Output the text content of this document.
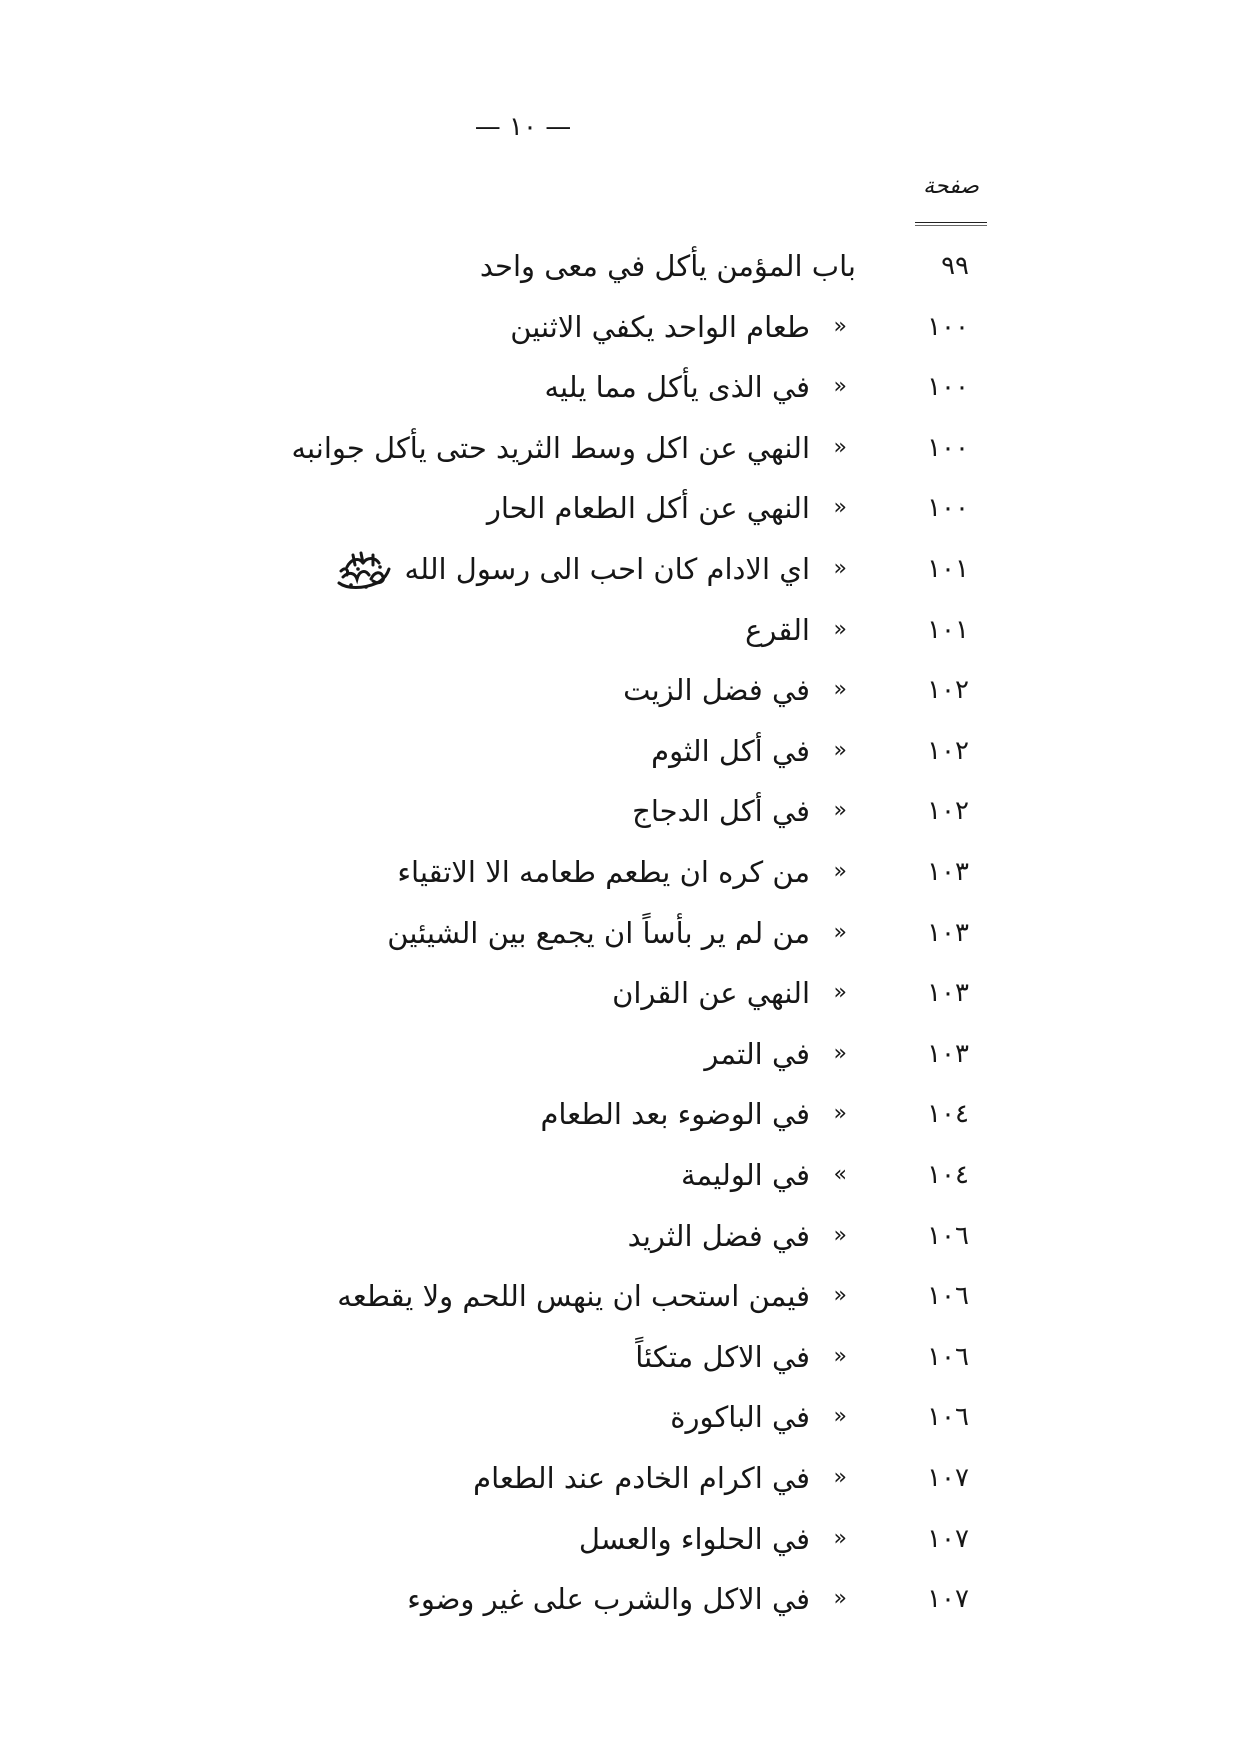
— ١٠ —
صفحة
٩٩
باب المؤمن يأكل في معى واحد
١٠٠
»
طعام الواحد يكفي الاثنين
١٠٠
»
في الذى يأكل مما يليه
١٠٠
»
النهي عن اكل وسط الثريد حتى يأكل جوانبه
١٠٠
»
النهي عن أكل الطعام الحار
١٠١
»
اي الادام كان احب الى رسول الله
١٠١
»
القرع
١٠٢
»
في فضل الزيت
١٠٢
»
في أكل الثوم
١٠٢
»
في أكل الدجاج
١٠٣
»
من كره ان يطعم طعامه الا الاتقياء
١٠٣
»
من لم ير بأساً ان يجمع بين الشيئين
١٠٣
»
النهي عن القران
١٠٣
»
في التمر
١٠٤
»
في الوضوء بعد الطعام
١٠٤
«
في الوليمة
١٠٦
»
في فضل الثريد
١٠٦
»
فيمن استحب ان ينهس اللحم ولا يقطعه
١٠٦
»
في الاكل متكئاً
١٠٦
»
في الباكورة
١٠٧
»
في اكرام الخادم عند الطعام
١٠٧
»
في الحلواء والعسل
١٠٧
»
في الاكل والشرب على غير وضوء
